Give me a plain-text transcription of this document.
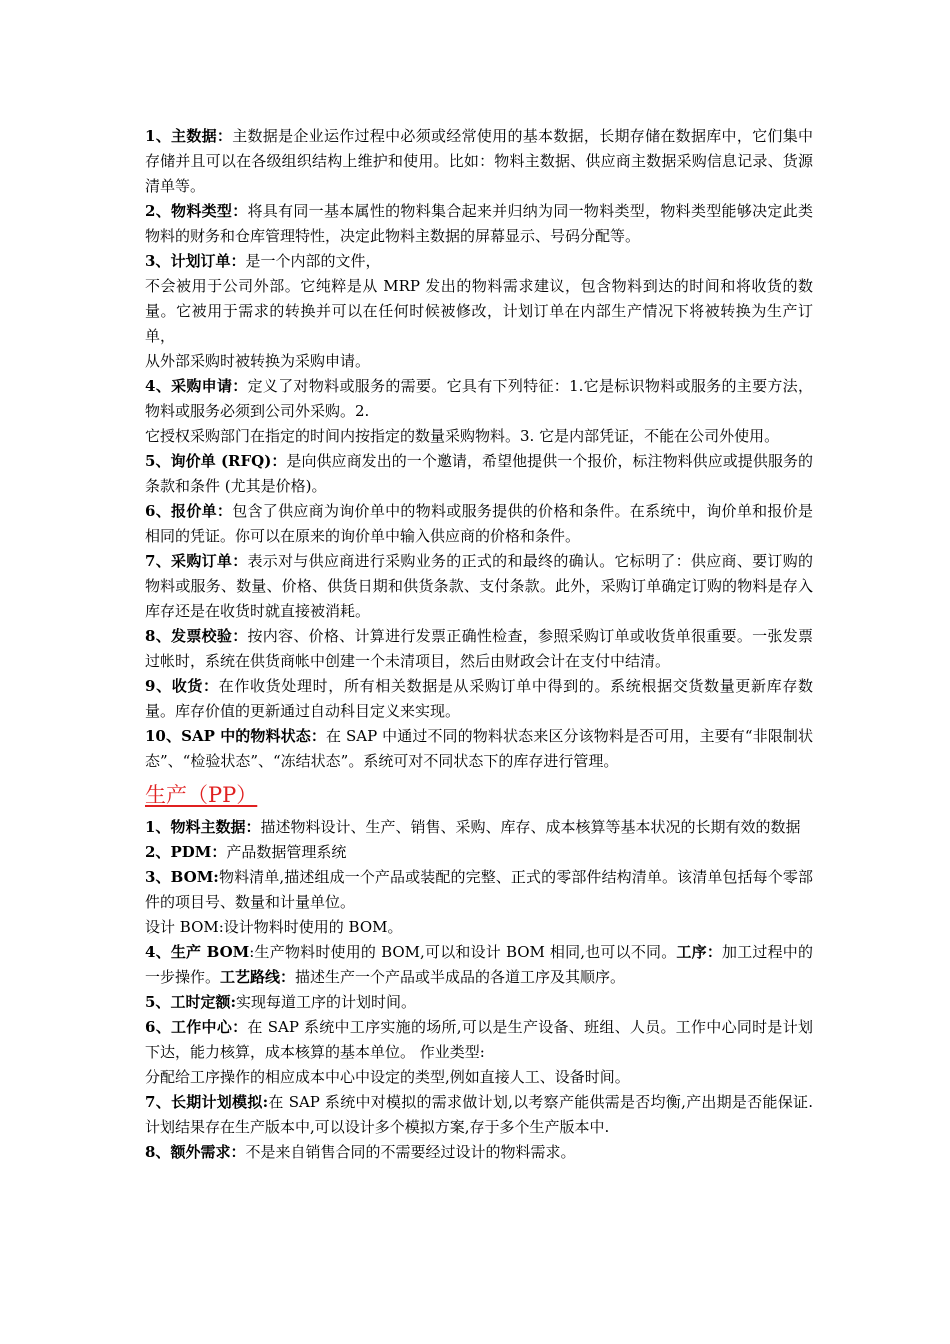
1、主数据：主数据是企业运作过程中必须或经常使用的基本数据，长期存储在数据库中，它们集中存储并且可以在各级组织结构上维护和使用。比如：物料主数据、供应商主数据采购信息记录、货源清单等。

2、物料类型：将具有同一基本属性的物料集合起来并归纳为同一物料类型，物料类型能够决定此类物料的财务和仓库管理特性，决定此物料主数据的屏幕显示、号码分配等。

3、计划订单：是一个内部的文件，

不会被用于公司外部。它纯粹是从 MRP 发出的物料需求建议，包含物料到达的时间和将收货的数量。它被用于需求的转换并可以在任何时候被修改，计划订单在内部生产情况下将被转换为生产订单，

从外部采购时被转换为采购申请。

4、采购申请：定义了对物料或服务的需要。它具有下列特征：1.它是标识物料或服务的主要方法，物料或服务必须到公司外采购。2.

它授权采购部门在指定的时间内按指定的数量采购物料。3. 它是内部凭证，不能在公司外使用。

5、询价单 (RFQ)：是向供应商发出的一个邀请，希望他提供一个报价，标注物料供应或提供服务的条款和条件 (尤其是价格)。

6、报价单：包含了供应商为询价单中的物料或服务提供的价格和条件。在系统中，询价单和报价是相同的凭证。你可以在原来的询价单中输入供应商的价格和条件。

7、采购订单：表示对与供应商进行采购业务的正式的和最终的确认。它标明了：供应商、要订购的物料或服务、数量、价格、供货日期和供货条款、支付条款。此外，采购订单确定订购的物料是存入库存还是在收货时就直接被消耗。

8、发票校验：按内容、价格、计算进行发票正确性检查，参照采购订单或收货单很重要。一张发票过帐时，系统在供货商帐中创建一个未清项目，然后由财政会计在支付中结清。

9、收货：在作收货处理时，所有相关数据是从采购订单中得到的。系统根据交货数量更新库存数量。库存价值的更新通过自动科目定义来实现。

10、SAP 中的物料状态：在 SAP 中通过不同的物料状态来区分该物料是否可用，主要有“非限制状态”、“检验状态”、“冻结状态”。系统可对不同状态下的库存进行管理。

生产（PP）

1、物料主数据：描述物料设计、生产、销售、采购、库存、成本核算等基本状况的长期有效的数据

2、PDM：产品数据管理系统

3、BOM:物料清单,描述组成一个产品或装配的完整、正式的零部件结构清单。该清单包括每个零部件的项目号、数量和计量单位。

设计 BOM:设计物料时使用的 BOM。

4、生产 BOM:生产物料时使用的 BOM,可以和设计 BOM 相同,也可以不同。工序：加工过程中的一步操作。工艺路线：描述生产一个产品或半成品的各道工序及其顺序。

5、工时定额:实现每道工序的计划时间。

6、工作中心：在 SAP 系统中工序实施的场所,可以是生产设备、班组、人员。工作中心同时是计划下达，能力核算，成本核算的基本单位。 作业类型:

分配给工序操作的相应成本中心中设定的类型,例如直接人工、设备时间。

7、长期计划模拟:在 SAP 系统中对模拟的需求做计划,以考察产能供需是否均衡,产出期是否能保证.计划结果存在生产版本中,可以设计多个模拟方案,存于多个生产版本中.

8、额外需求：不是来自销售合同的不需要经过设计的物料需求。
